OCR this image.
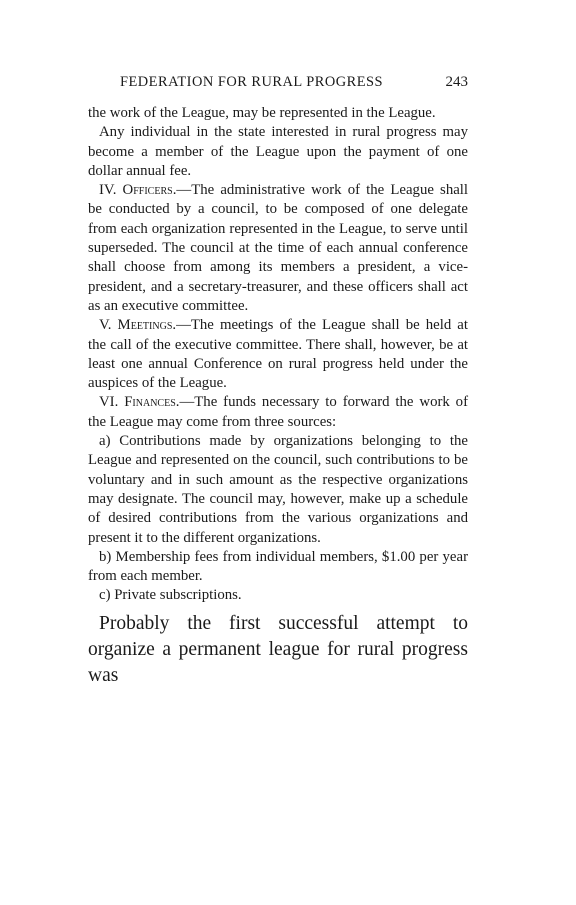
FEDERATION FOR RURAL PROGRESS	243

the work of the League, may be represented in the League.

Any individual in the state interested in rural progress may become a member of the League upon the payment of one dollar annual fee.

IV. Officers.—The administrative work of the League shall be conducted by a council, to be composed of one delegate from each organization represented in the League, to serve until superseded. The council at the time of each annual conference shall choose from among its members a president, a vice-president, and a secretary-treasurer, and these officers shall act as an executive committee.

V. Meetings.—The meetings of the League shall be held at the call of the executive committee. There shall, however, be at least one annual Conference on rural progress held under the auspices of the League.

VI. Finances.—The funds necessary to forward the work of the League may come from three sources:

a) Contributions made by organizations belonging to the League and represented on the council, such contributions to be voluntary and in such amount as the respective organizations may designate. The council may, however, make up a schedule of desired contributions from the various organizations and present it to the different organizations.

b) Membership fees from individual members, $1.00 per year from each member.

c) Private subscriptions.

Probably the first successful attempt to organize a permanent league for rural progress was
